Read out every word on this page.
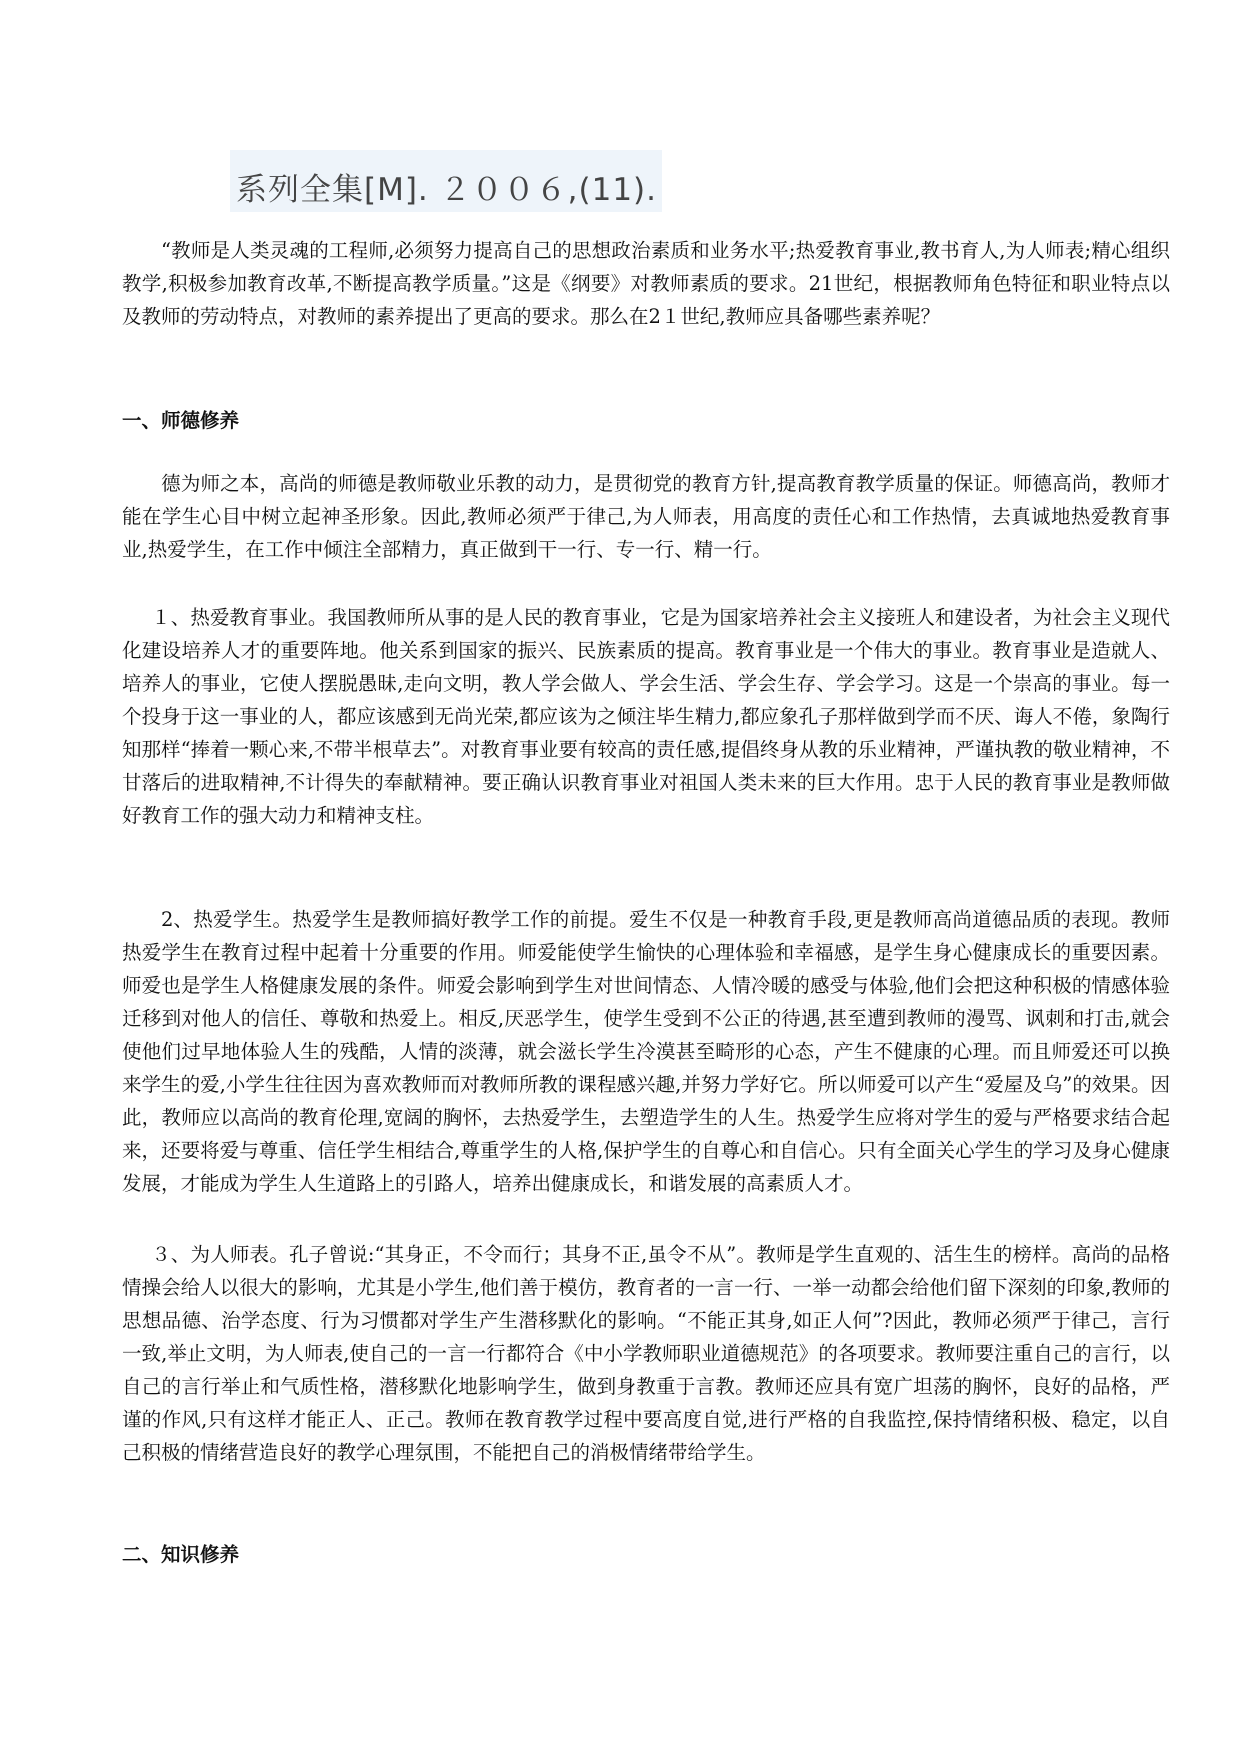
系列全集[M]. ２００６,(11).
“教师是人类灵魂的工程师,必须努力提高自己的思想政治素质和业务水平;热爱教育事业,教书育人,为人师表;精心组织教学,积极参加教育改革,不断提高教学质量。”这是《纲要》对教师素质的要求。21世纪，根据教师角色特征和职业特点以及教师的劳动特点，对教师的素养提出了更高的要求。那么在2１世纪,教师应具备哪些素养呢？
一、师德修养
德为师之本，高尚的师德是教师敬业乐教的动力，是贯彻党的教育方针,提高教育教学质量的保证。师德高尚，教师才能在学生心目中树立起神圣形象。因此,教师必须严于律己,为人师表，用高度的责任心和工作热情，去真诚地热爱教育事业,热爱学生，在工作中倾注全部精力，真正做到干一行、专一行、精一行。
１、热爱教育事业。我国教师所从事的是人民的教育事业，它是为国家培养社会主义接班人和建设者，为社会主义现代化建设培养人才的重要阵地。他关系到国家的振兴、民族素质的提高。教育事业是一个伟大的事业。教育事业是造就人、培养人的事业，它使人摆脱愚昧,走向文明，教人学会做人、学会生活、学会生存、学会学习。这是一个崇高的事业。每一个投身于这一事业的人，都应该感到无尚光荣,都应该为之倾注毕生精力,都应象孔子那样做到学而不厌、诲人不倦，象陶行知那样“捧着一颗心来,不带半根草去”。对教育事业要有较高的责任感,提倡终身从教的乐业精神，严谨执教的敬业精神，不甘落后的进取精神,不计得失的奉献精神。要正确认识教育事业对祖国人类未来的巨大作用。忠于人民的教育事业是教师做好教育工作的强大动力和精神支柱。
2、热爱学生。热爱学生是教师搞好教学工作的前提。爱生不仅是一种教育手段,更是教师高尚道德品质的表现。教师热爱学生在教育过程中起着十分重要的作用。师爱能使学生愉快的心理体验和幸福感，是学生身心健康成长的重要因素。师爱也是学生人格健康发展的条件。师爱会影响到学生对世间情态、人情冷暖的感受与体验,他们会把这种积极的情感体验迁移到对他人的信任、尊敬和热爱上。相反,厌恶学生，使学生受到不公正的待遇,甚至遭到教师的漫骂、讽刺和打击,就会使他们过早地体验人生的残酷，人情的淡薄，就会滋长学生冷漠甚至畸形的心态，产生不健康的心理。而且师爱还可以换来学生的爱,小学生往往因为喜欢教师而对教师所教的课程感兴趣,并努力学好它。所以师爱可以产生“爱屋及乌”的效果。因此，教师应以高尚的教育伦理,宽阔的胸怀，去热爱学生，去塑造学生的人生。热爱学生应将对学生的爱与严格要求结合起来，还要将爱与尊重、信任学生相结合,尊重学生的人格,保护学生的自尊心和自信心。只有全面关心学生的学习及身心健康发展，才能成为学生人生道路上的引路人，培养出健康成长，和谐发展的高素质人才。
３、为人师表。孔子曾说:“其身正，不令而行；其身不正,虽令不从”。教师是学生直观的、活生生的榜样。高尚的品格情操会给人以很大的影响，尤其是小学生,他们善于模仿，教育者的一言一行、一举一动都会给他们留下深刻的印象,教师的思想品德、治学态度、行为习惯都对学生产生潜移默化的影响。“不能正其身,如正人何”?因此，教师必须严于律己，言行一致,举止文明，为人师表,使自己的一言一行都符合《中小学教师职业道德规范》的各项要求。教师要注重自己的言行，以自己的言行举止和气质性格，潜移默化地影响学生，做到身教重于言教。教师还应具有宽广坦荡的胸怀，良好的品格，严谨的作风,只有这样才能正人、正己。教师在教育教学过程中要高度自觉,进行严格的自我监控,保持情绪积极、稳定，以自己积极的情绪营造良好的教学心理氛围，不能把自己的消极情绪带给学生。
二、知识修养
